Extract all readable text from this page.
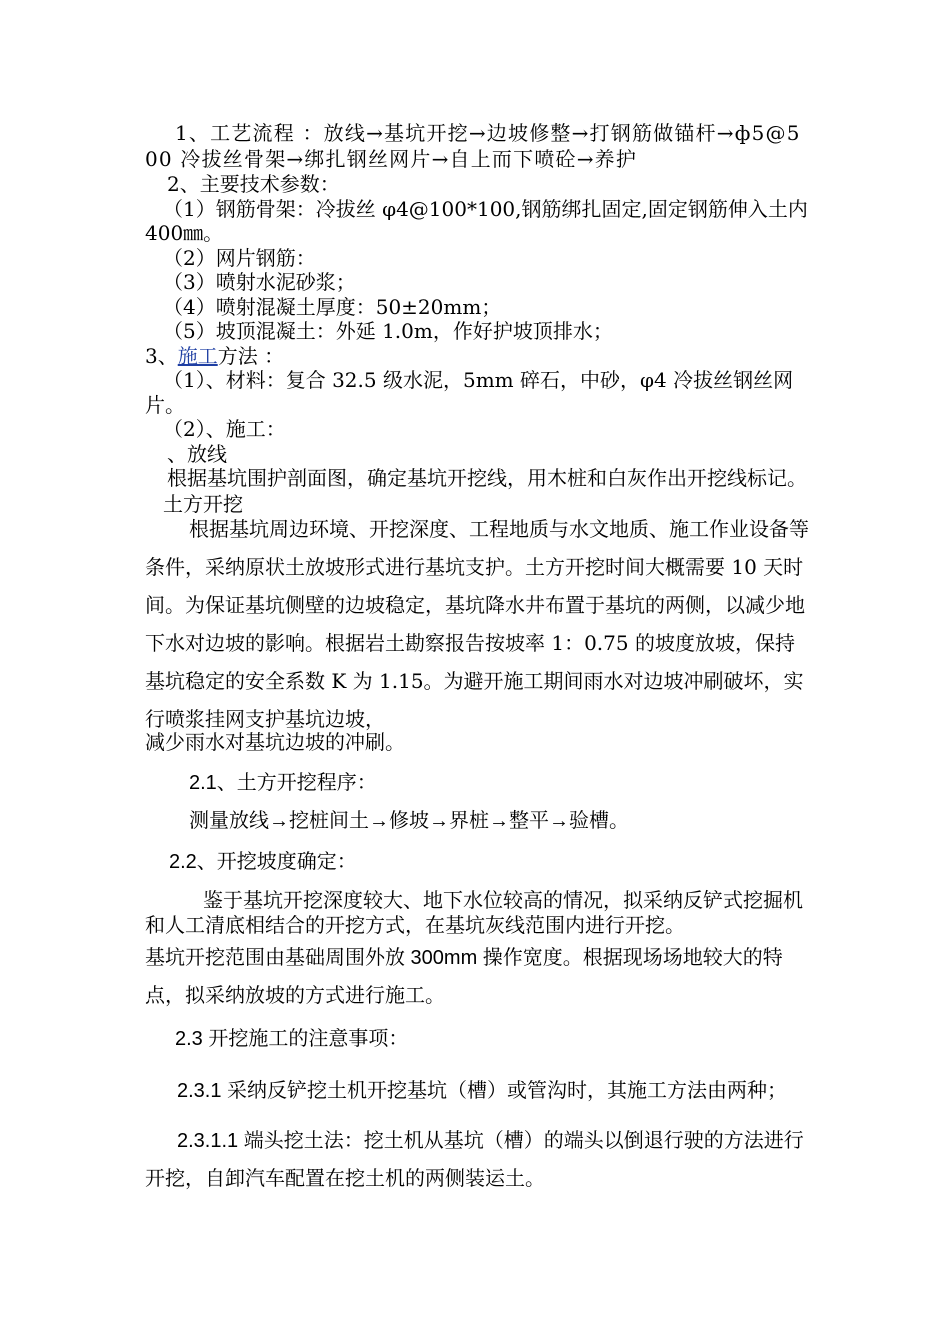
1、工艺流程 ：放线→基坑开挖→边坡修整→打钢筋做锚杆→ф5@500 冷拔丝骨架→绑扎钢丝网片→自上而下喷砼→养护

2、主要技术参数：

（1）钢筋骨架：冷拔丝 φ4@100*100,钢筋绑扎固定,固定钢筋伸入土内 400㎜。

（2）网片钢筋：

（3）喷射水泥砂浆；

（4）喷射混凝土厚度：50±20mm；

（5）坡顶混凝土：外延 1.0m，作好护坡顶排水；

3、施工方法 ：

（1）、材料：复合 32.5 级水泥，5mm 碎石，中砂，φ4 冷拔丝钢丝网片。

（2）、施工：

、放线

根据基坑围护剖面图，确定基坑开挖线，用木桩和白灰作出开挖线标记。

土方开挖

根据基坑周边环境、开挖深度、工程地质与水文地质、施工作业设备等条件，采纳原状土放坡形式进行基坑支护。土方开挖时间大概需要 10 天时间。为保证基坑侧壁的边坡稳定，基坑降水井布置于基坑的两侧，以减少地下水对边坡的影响。根据岩土勘察报告按坡率 1：0.75 的坡度放坡，保持基坑稳定的安全系数 K 为 1.15。为避开施工期间雨水对边坡冲刷破坏，实行喷浆挂网支护基坑边坡，

减少雨水对基坑边坡的冲刷。

2.1、土方开挖程序：

测量放线→挖桩间土→修坡→界桩→整平→验槽。

2.2、开挖坡度确定：

鉴于基坑开挖深度较大、地下水位较高的情况，拟采纳反铲式挖掘机和人工清底相结合的开挖方式，在基坑灰线范围内进行开挖。

基坑开挖范围由基础周围外放 300mm 操作宽度。根据现场场地较大的特点，拟采纳放坡的方式进行施工。

2.3 开挖施工的注意事项：

2.3.1 采纳反铲挖土机开挖基坑（槽）或管沟时，其施工方法由两种；

2.3.1.1 端头挖土法：挖土机从基坑（槽）的端头以倒退行驶的方法进行开挖，自卸汽车配置在挖土机的两侧装运土。
